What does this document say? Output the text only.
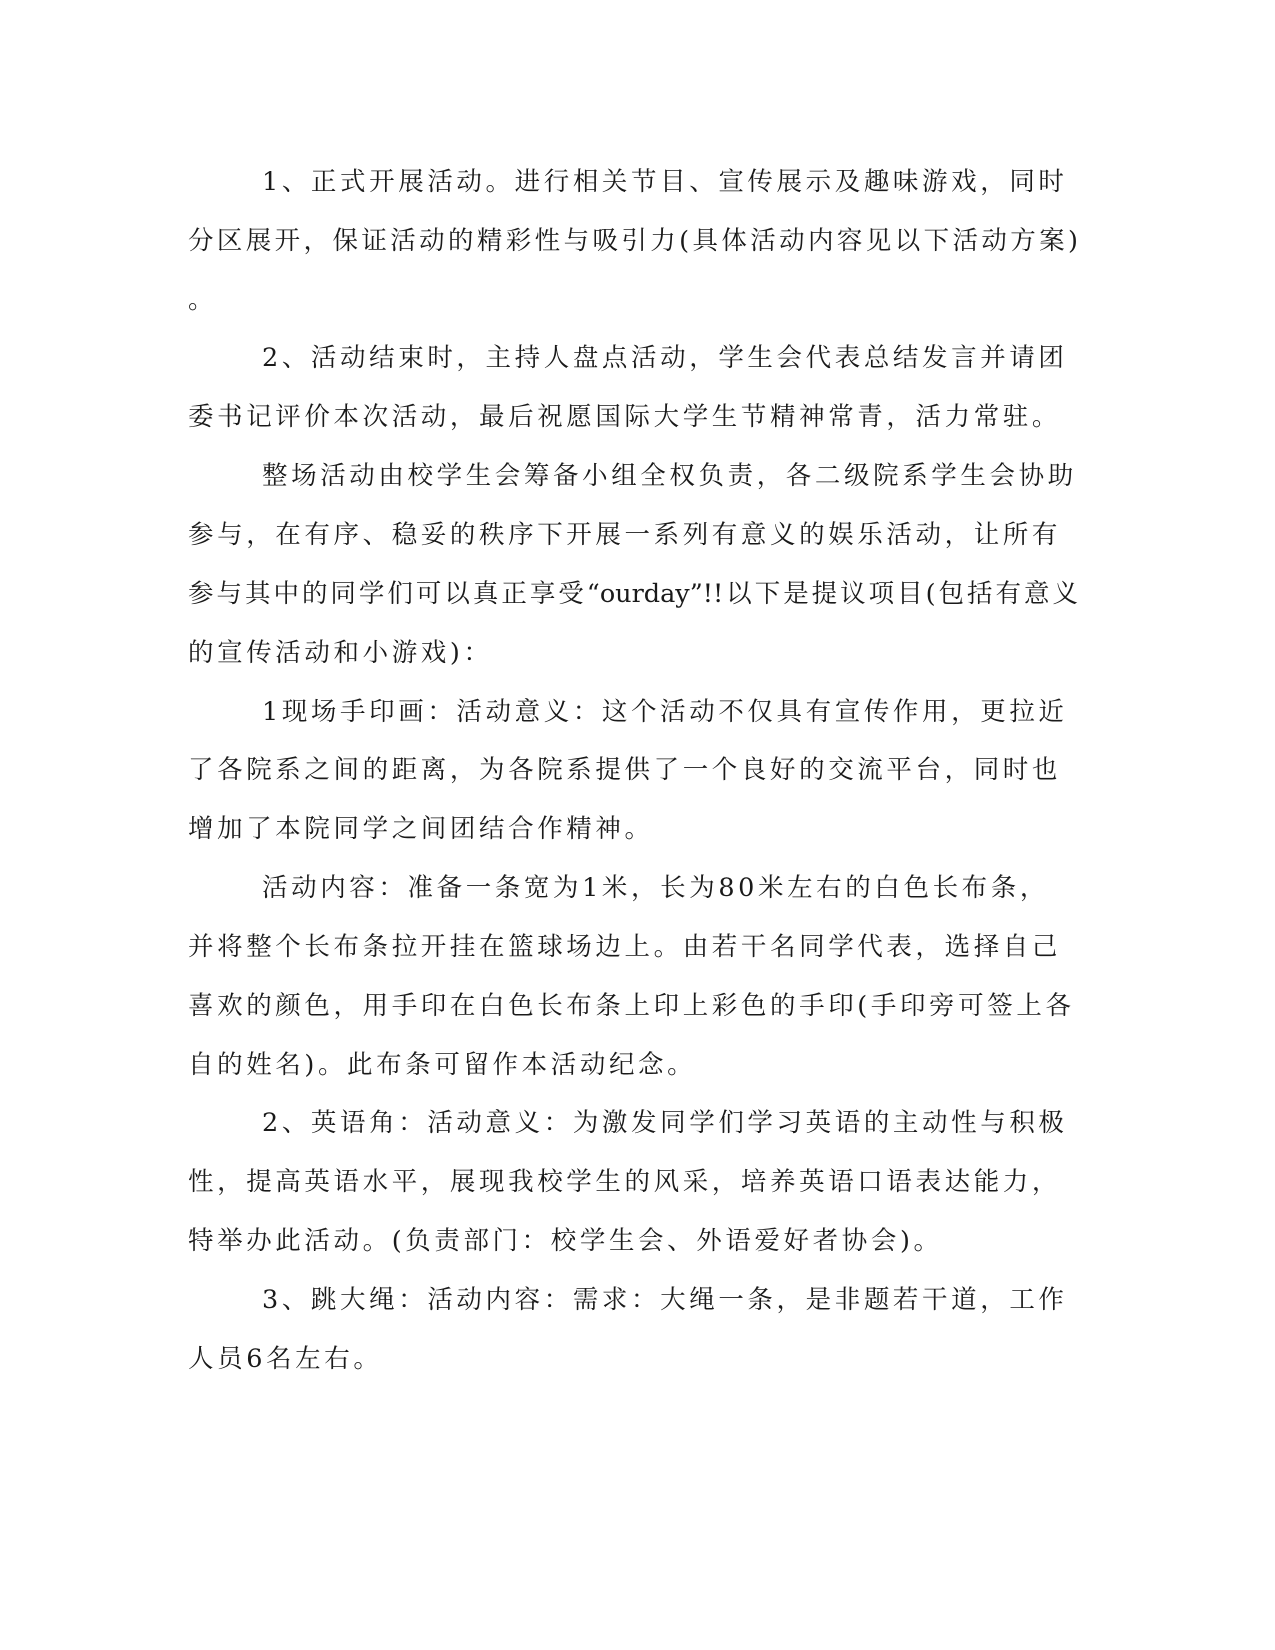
1、正式开展活动。进行相关节目、宣传展示及趣味游戏，同时
分区展开，保证活动的精彩性与吸引力(具体活动内容见以下活动方案)
。
2、活动结束时，主持人盘点活动，学生会代表总结发言并请团
委书记评价本次活动，最后祝愿国际大学生节精神常青，活力常驻。
整场活动由校学生会筹备小组全权负责，各二级院系学生会协助
参与，在有序、稳妥的秩序下开展一系列有意义的娱乐活动，让所有
参与其中的同学们可以真正享受“ourday”!!以下是提议项目(包括有意义
的宣传活动和小游戏)：
1现场手印画：活动意义：这个活动不仅具有宣传作用，更拉近
了各院系之间的距离，为各院系提供了一个良好的交流平台，同时也
增加了本院同学之间团结合作精神。
活动内容：准备一条宽为1米，长为80米左右的白色长布条，
并将整个长布条拉开挂在篮球场边上。由若干名同学代表，选择自己
喜欢的颜色，用手印在白色长布条上印上彩色的手印(手印旁可签上各
自的姓名)。此布条可留作本活动纪念。
2、英语角：活动意义：为激发同学们学习英语的主动性与积极
性，提高英语水平，展现我校学生的风采，培养英语口语表达能力，
特举办此活动。(负责部门：校学生会、外语爱好者协会)。
3、跳大绳：活动内容：需求：大绳一条，是非题若干道，工作
人员6名左右。
